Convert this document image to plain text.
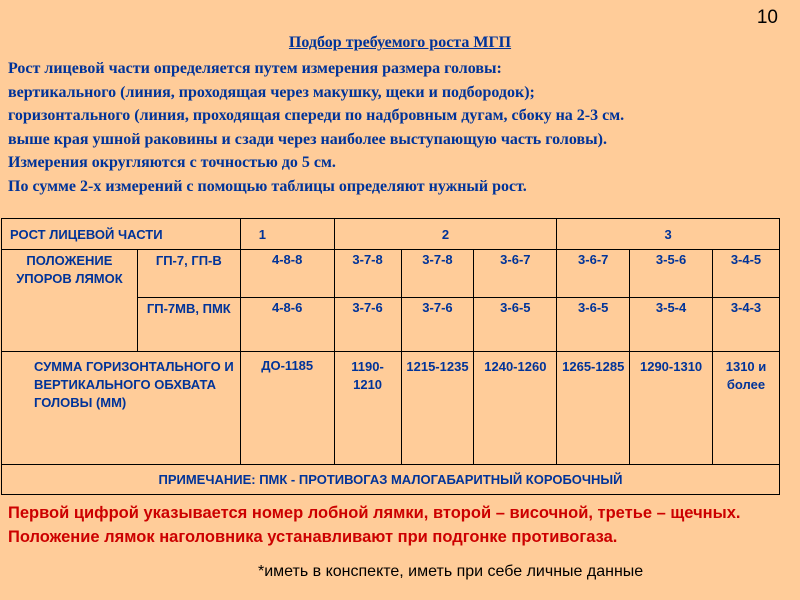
10
Подбор требуемого роста МГП
Рост лицевой части определяется путем измерения размера головы:
вертикального (линия, проходящая через макушку, щеки и подбородок);
горизонтального (линия, проходящая спереди по надбровным дугам, сбоку на 2-3 см.
выше края ушной раковины и сзади через наиболее выступающую часть головы).
Измерения округляются с точностью до 5 см.
По сумме 2-х измерений с помощью таблицы определяют нужный рост.
РОСТ ЛИЦЕВОЙ ЧАСТИ		1	2			3		
ПОЛОЖЕНИЕ УПОРОВ ЛЯМОК	ГП-7, ГП-В	4-8-8	3-7-8	3-7-8	3-6-7	3-6-7	3-5-6	3-4-5
	ГП-7МВ, ПМК	4-8-6	3-7-6	3-7-6	3-6-5	3-6-5	3-5-4	3-4-3
СУММА ГОРИЗОНТАЛЬНОГО И ВЕРТИКАЛЬНОГО ОБХВАТА ГОЛОВЫ (ММ)		ДО-1185	1190-1210	1215-1235	1240-1260	1265-1285	1290-1310	1310 и более
ПРИМЕЧАНИЕ: ПМК - ПРОТИВОГАЗ МАЛОГАБАРИТНЫЙ КОРОБОЧНЫЙ								
Первой цифрой указывается номер лобной лямки, второй – височной, третье – щечных. Положение лямок наголовника устанавливают при подгонке противогаза.
*иметь в конспекте, иметь при себе личные данные
